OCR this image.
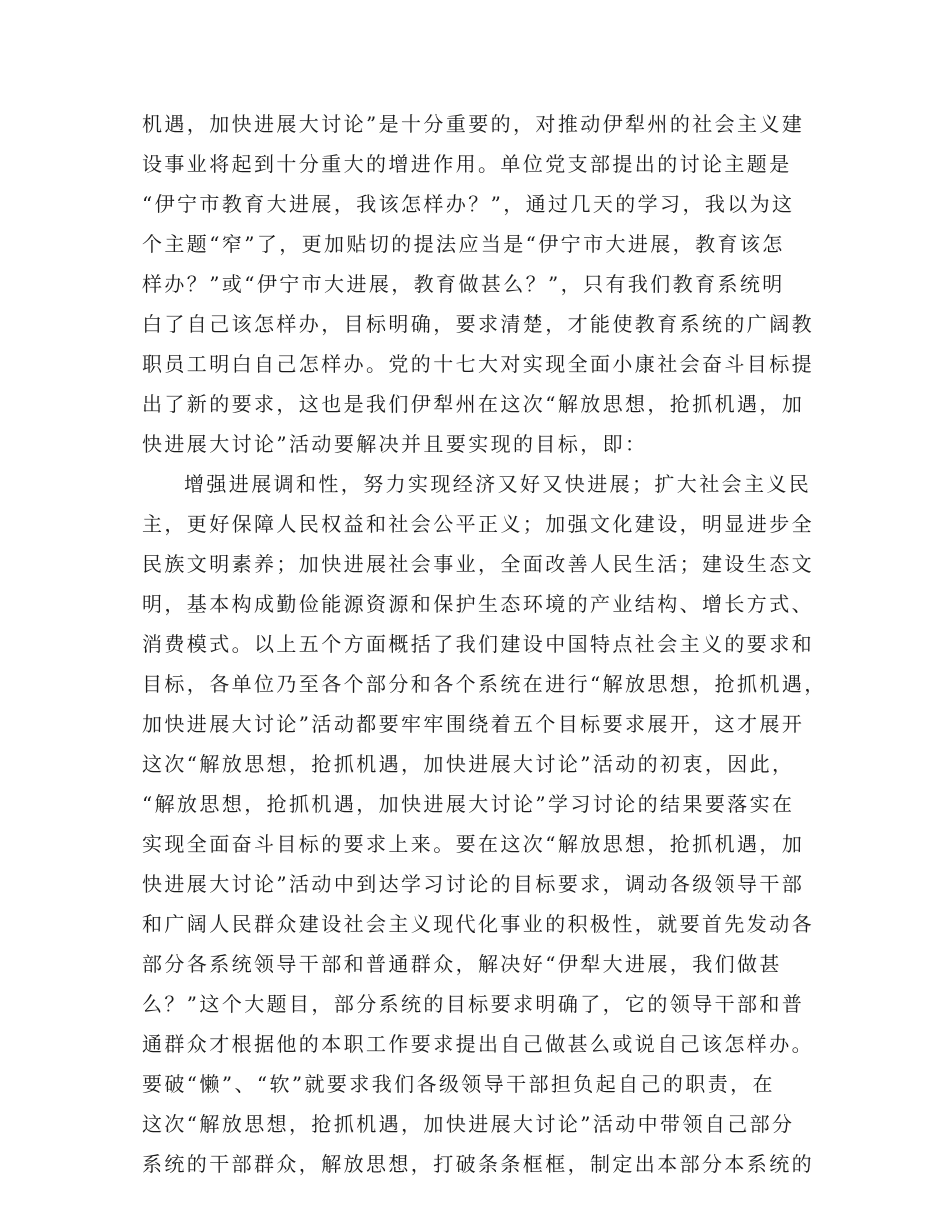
机遇，加快进展大讨论”是十分重要的，对推动伊犁州的社会主义建
设事业将起到十分重大的增进作用。单位党支部提出的讨论主题是
“伊宁市教育大进展，我该怎样办？”，通过几天的学习，我以为这
个主题“窄”了，更加贴切的提法应当是“伊宁市大进展，教育该怎
样办？”或“伊宁市大进展，教育做甚么？”，只有我们教育系统明
白了自己该怎样办，目标明确，要求清楚，才能使教育系统的广阔教
职员工明白自己怎样办。党的十七大对实现全面小康社会奋斗目标提
出了新的要求，这也是我们伊犁州在这次“解放思想，抢抓机遇，加
快进展大讨论”活动要解决并且要实现的目标，即：
增强进展调和性，努力实现经济又好又快进展；扩大社会主义民
主，更好保障人民权益和社会公平正义；加强文化建设，明显进步全
民族文明素养；加快进展社会事业，全面改善人民生活；建设生态文
明，基本构成勤俭能源资源和保护生态环境的产业结构、增长方式、
消费模式。以上五个方面概括了我们建设中国特点社会主义的要求和
目标，各单位乃至各个部分和各个系统在进行“解放思想，抢抓机遇，
加快进展大讨论”活动都要牢牢围绕着五个目标要求展开，这才展开
这次“解放思想，抢抓机遇，加快进展大讨论”活动的初衷，因此，
“解放思想，抢抓机遇，加快进展大讨论”学习讨论的结果要落实在
实现全面奋斗目标的要求上来。要在这次“解放思想，抢抓机遇，加
快进展大讨论”活动中到达学习讨论的目标要求，调动各级领导干部
和广阔人民群众建设社会主义现代化事业的积极性，就要首先发动各
部分各系统领导干部和普通群众，解决好“伊犁大进展，我们做甚
么？”这个大题目，部分系统的目标要求明确了，它的领导干部和普
通群众才根据他的本职工作要求提出自己做甚么或说自己该怎样办。
要破“懒”、“软”就要求我们各级领导干部担负起自己的职责，在
这次“解放思想，抢抓机遇，加快进展大讨论”活动中带领自己部分
系统的干部群众，解放思想，打破条条框框，制定出本部分本系统的
